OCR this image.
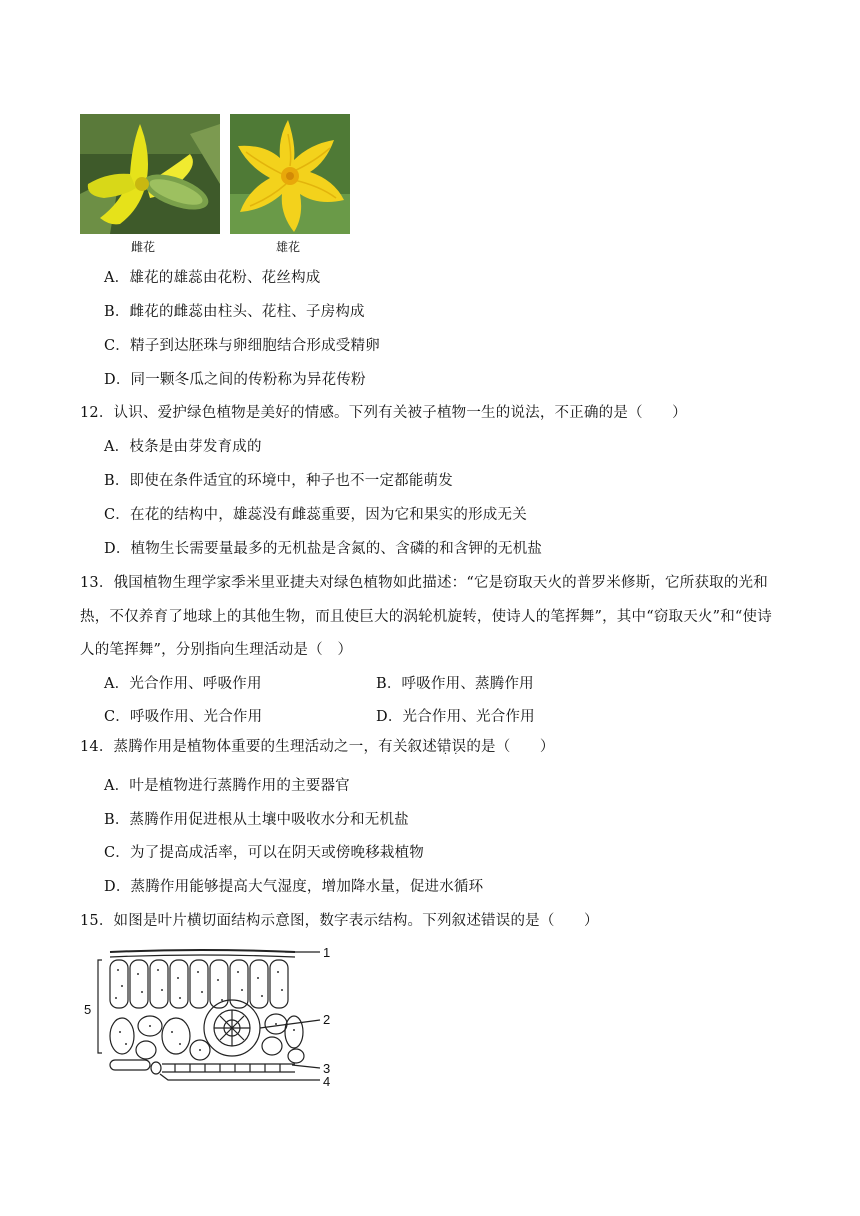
雌花	雄花
A．雄花的雄蕊由花粉、花丝构成
B．雌花的雌蕊由柱头、花柱、子房构成
C．精子到达胚珠与卵细胞结合形成受精卵
D．同一颗冬瓜之间的传粉称为异花传粉
12．认识、爱护绿色植物是美好的情感。下列有关被子植物一生的说法，不正确的是（　　）
A．枝条是由芽发育成的
B．即使在条件适宜的环境中，种子也不一定都能萌发
C．在花的结构中，雄蕊没有雌蕊重要，因为它和果实的形成无关
D．植物生长需要量最多的无机盐是含氮的、含磷的和含钾的无机盐
13．俄国植物生理学家季米里亚捷夫对绿色植物如此描述：“它是窃取天火的普罗米修斯，它所获取的光和
热，不仅养育了地球上的其他生物，而且使巨大的涡轮机旋转，使诗人的笔挥舞”，其中“窃取天火”和“使诗
人的笔挥舞”，分别指向生理活动是（　）
A．光合作用、呼吸作用	B．呼吸作用、蒸腾作用
C．呼吸作用、光合作用	D．光合作用、光合作用
14．蒸腾作用是植物体重要的生理活动之一，有关叙述错误 · ·的是（　　）
A．叶是植物进行蒸腾作用的主要器官
B．蒸腾作用促进根从土壤中吸收水分和无机盐
C．为了提高成活率，可以在阴天或傍晚移栽植物
D．蒸腾作用能够提高大气湿度，增加降水量，促进水循环
15．如图是叶片横切面结构示意图，数字表示结构。下列叙述错误的是（　　）
1
2
3
4
5
